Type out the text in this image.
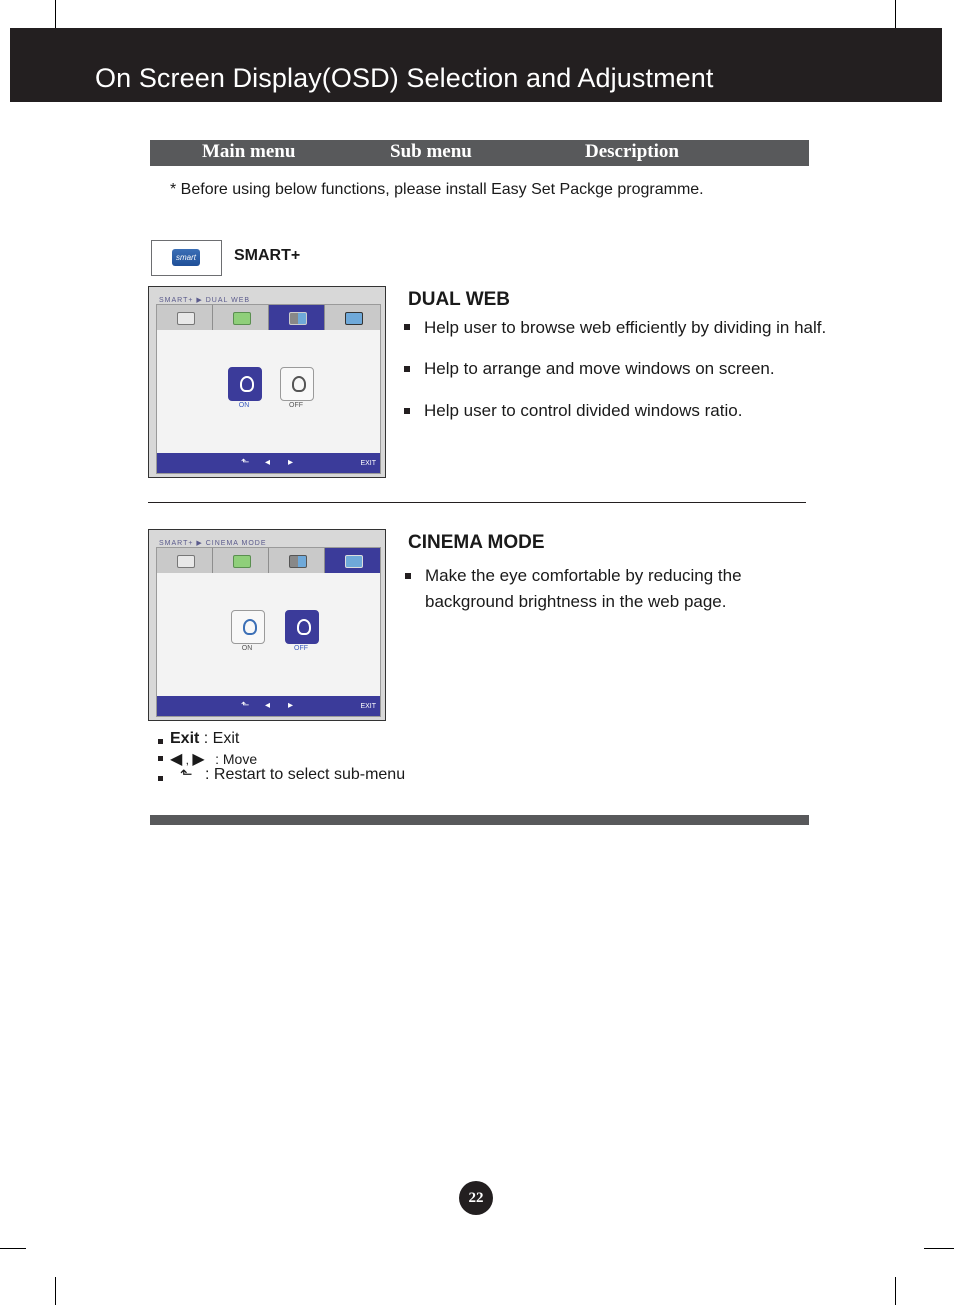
On Screen Display(OSD) Selection and Adjustment
Main menu	Sub menu	Description
* Before using below functions, please install Easy Set Packge programme.
smart SMART+
SMART+ ▶ DUAL WEB
ON	OFF
⬑ ◂ ▸	EXIT
DUAL WEB
Help user to browse web efficiently by dividing in half.
Help to arrange and move windows on screen.
Help user to control divided windows ratio.
SMART+ ▶ CINEMA MODE
ON	OFF
⬑ ◂ ▸	EXIT
CINEMA MODE
Make the eye comfortable by reducing the
background brightness in the web page.
Exit : Exit
◀ , ▶ : Move
⬑ : Restart to select sub-menu
22
